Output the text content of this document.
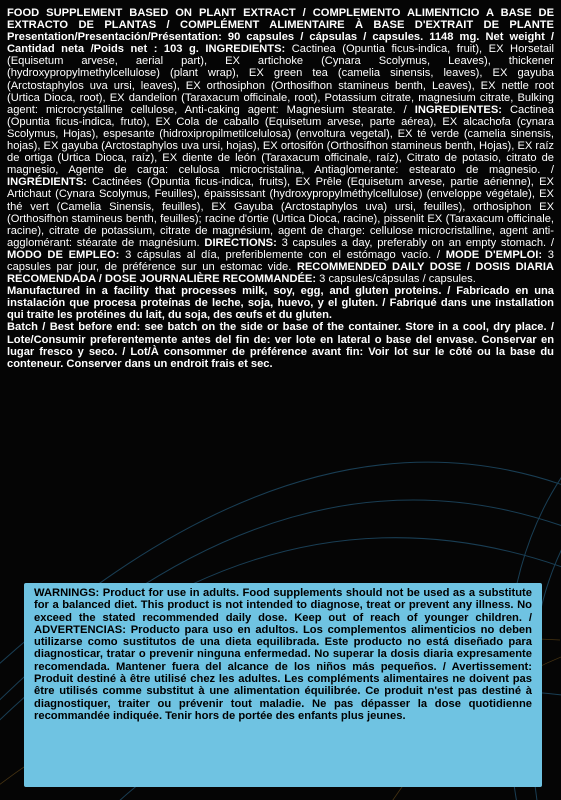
FOOD SUPPLEMENT BASED ON PLANT EXTRACT / COMPLEMENTO ALIMENTICIO A BASE DE EXTRACTO DE PLANTAS / COMPLÉMENT ALIMENTAIRE À BASE D'EXTRAIT DE PLANTE Presentation/Presentación/Présentation: 90 capsules / cápsulas / capsules. 1148 mg. Net weight / Cantidad neta /Poids net : 103 g. INGREDIENTS: Cactinea (Opuntia ficus-indica, fruit), EX Horsetail (Equisetum arvese, aerial part), EX artichoke (Cynara Scolymus, Leaves), thickener (hydroxypropylmethylcellulose) (plant wrap), EX green tea (camelia sinensis, leaves), EX gayuba (Arctostaphylos uva ursi, leaves), EX orthosiphon (Orthosifhon stamineus benth, Leaves), EX nettle root (Urtica Dioca, root), EX dandelion (Taraxacum officinale, root), Potassium citrate, magnesium citrate, Bulking agent: microcrystalline cellulose, Anti-caking agent: Magnesium stearate. / INGREDIENTES: Cactinea (Opuntia ficus-indica, fruto), EX Cola de caballo (Equisetum arvese, parte aérea), EX alcachofa (cynara Scolymus, Hojas), espesante (hidroxipropilmetilcelulosa) (envoltura vegetal), EX té verde (camelia sinensis, hojas), EX gayuba (Arctostaphylos uva ursi, hojas), EX ortosifón (Orthosifhon stamineus benth, Hojas), EX raíz de ortiga (Urtica Dioca, raíz), EX diente de león (Taraxacum officinale, raíz), Citrato de potasio, citrato de magnesio, Agente de carga: celulosa microcristalina, Antiaglomerante: estearato de magnesio. / INGRÉDIENTS: Cactinées (Opuntia ficus-indica, fruits), EX Prêle (Equisetum arvese, partie aérienne), EX Artichaut (Cynara Scolymus, Feuilles), épaississant (hydroxypropylméthylcellulose) (enveloppe végétale), EX thé vert (Camelia Sinensis, feuilles), EX Gayuba (Arctostaphylos uva) ursi, feuilles), orthosiphon EX (Orthosifhon stamineus benth, feuilles); racine d'ortie (Urtica Dioca, racine), pissenlit EX (Taraxacum officinale, racine), citrate de potassium, citrate de magnésium, agent de charge: cellulose microcristalline, agent anti-agglomérant: stéarate de magnésium. DIRECTIONS: 3 capsules a day, preferably on an empty stomach. / MODO DE EMPLEO: 3 cápsulas al día, preferiblemente con el estómago vacío. / MODE D'EMPLOI: 3 capsules par jour, de préférence sur un estomac vide. RECOMMENDED DAILY DOSE / DOSIS DIARIA RECOMENDADA / DOSE JOURNALIÈRE RECOMMANDÉE: 3 capsules/cápsulas / capsules.

Manufactured in a facility that processes milk, soy, egg, and gluten proteins. / Fabricado en una instalación que procesa proteínas de leche, soja, huevo, y el gluten. / Fabriqué dans une installation qui traite les protéines du lait, du soja, des œufs et du gluten.

Batch / Best before end: see batch on the side or base of the container. Store in a cool, dry place. / Lote/Consumir preferentemente antes del fin de: ver lote en lateral o base del envase. Conservar en lugar fresco y seco. / Lot/À consommer de préférence avant fin: Voir lot sur le côté ou la base du conteneur. Conserver dans un endroit frais et sec.

WARNINGS: Product for use in adults. Food supplements should not be used as a substitute for a balanced diet. This product is not intended to diagnose, treat or prevent any illness. No exceed the stated recommended daily dose. Keep out of reach of younger children. / ADVERTENCIAS: Producto para uso en adultos. Los complementos alimenticios no deben utilizarse como sustitutos de una dieta equilibrada. Este producto no está diseñado para diagnosticar, tratar o prevenir ninguna enfermedad. No superar la dosis diaria expresamente recomendada. Mantener fuera del alcance de los niños más pequeños. / Avertissement: Produit destiné à être utilisé chez les adultes. Les compléments alimentaires ne doivent pas être utilisés comme substitut à une alimentation équilibrée. Ce produit n'est pas destiné à diagnostiquer, traiter ou prévenir tout maladie. Ne pas dépasser la dose quotidienne recommandée indiquée. Tenir hors de portée des enfants plus jeunes.
